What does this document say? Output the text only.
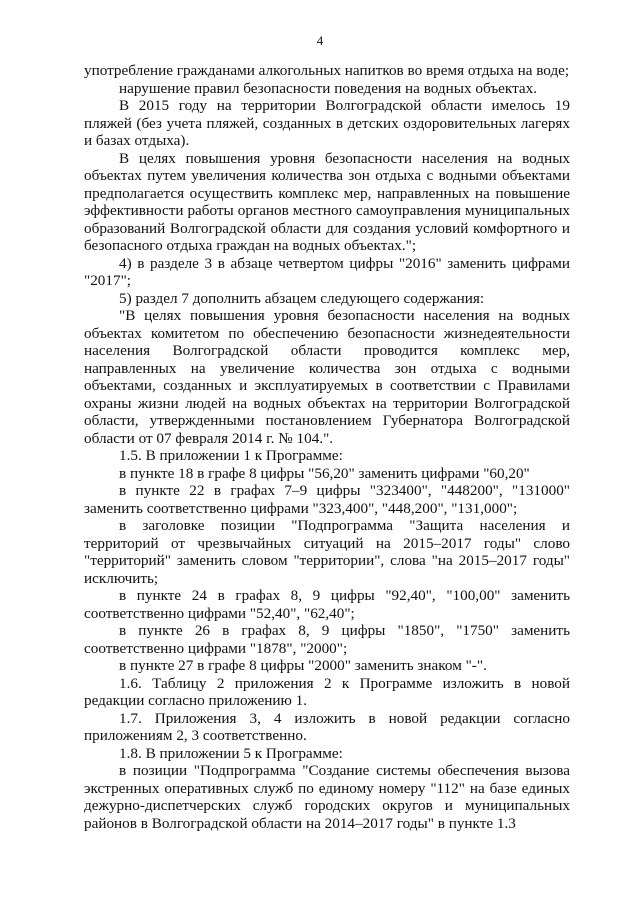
4

употребление гражданами алкогольных напитков во время отдыха на воде;

нарушение правил безопасности поведения на водных объектах.

В 2015 году на территории Волгоградской области имелось 19 пляжей (без учета пляжей, созданных в детских оздоровительных лагерях и базах отдыха).

В целях повышения уровня безопасности населения на водных объектах путем увеличения количества зон отдыха с водными объектами предполагается осуществить комплекс мер, направленных на повышение эффективности работы органов местного самоуправления муниципальных образований Волгоградской области для создания условий комфортного и безопасного отдыха граждан на водных объектах.";

4) в разделе 3 в абзаце четвертом цифры "2016" заменить цифрами "2017";

5) раздел 7 дополнить абзацем следующего содержания:

"В целях повышения уровня безопасности населения на водных объектах комитетом по обеспечению безопасности жизнедеятельности населения Волгоградской области проводится комплекс мер, направленных на увеличение количества зон отдыха с водными объектами, созданных и эксплуатируемых в соответствии с Правилами охраны жизни людей на водных объектах на территории Волгоградской области, утвержденными постановлением Губернатора Волгоградской области от 07 февраля 2014 г. № 104.".

1.5. В приложении 1 к Программе:

в пункте 18 в графе 8 цифры "56,20" заменить цифрами "60,20"

в пункте 22 в графах 7–9 цифры "323400", "448200", "131000" заменить соответственно цифрами "323,400", "448,200", "131,000";

в заголовке позиции "Подпрограмма "Защита населения и территорий от чрезвычайных ситуаций на 2015–2017 годы" слово "территорий" заменить словом "территории", слова "на 2015–2017 годы" исключить;

в пункте 24 в графах 8, 9 цифры "92,40", "100,00" заменить соответственно цифрами "52,40", "62,40";

в пункте 26 в графах 8, 9 цифры "1850", "1750" заменить соответственно цифрами "1878", "2000";

в пункте 27 в графе 8 цифры "2000" заменить знаком "-".

1.6. Таблицу 2 приложения 2 к Программе изложить в новой редакции согласно приложению 1.

1.7. Приложения 3, 4 изложить в новой редакции согласно приложениям 2, 3 соответственно.

1.8. В приложении 5 к Программе:

в позиции "Подпрограмма "Создание системы обеспечения вызова экстренных оперативных служб по единому номеру "112" на базе единых дежурно-диспетчерских служб городских округов и муниципальных районов в Волгоградской области на 2014–2017 годы" в пункте 1.3
